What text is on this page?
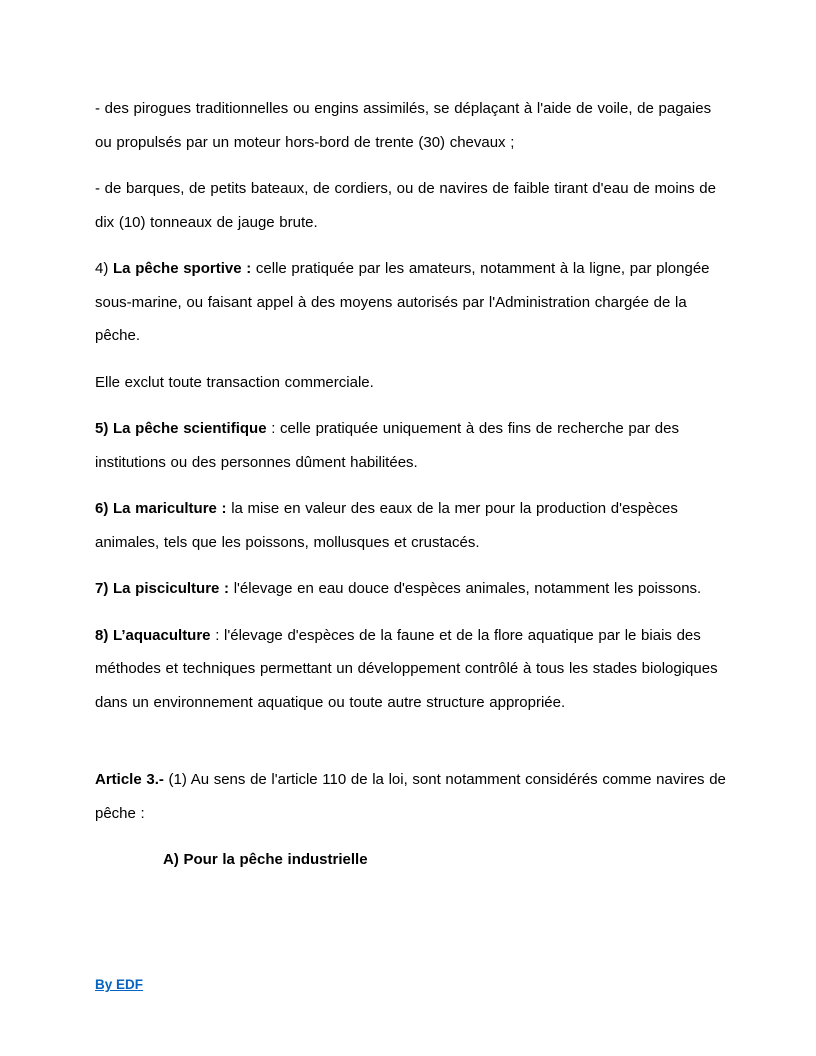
- des pirogues traditionnelles ou engins assimilés, se déplaçant à l'aide de voile, de pagaies ou propulsés par un moteur hors-bord de trente (30) chevaux ;

- de barques, de petits bateaux, de cordiers, ou de navires de faible tirant d'eau de moins de dix (10) tonneaux de jauge brute.

4) La pêche sportive : celle pratiquée par les amateurs, notamment à la ligne, par plongée sous-marine, ou faisant appel à des moyens autorisés par l'Administration chargée de la pêche.

Elle exclut toute transaction commerciale.

5) La pêche scientifique : celle pratiquée uniquement à des fins de recherche par des institutions ou des personnes dûment habilitées.

6) La mariculture : la mise en valeur des eaux de la mer pour la production d'espèces animales, tels que les poissons, mollusques et crustacés.

7) La pisciculture : l'élevage en eau douce d'espèces animales, notamment les poissons.

8) L’aquaculture : l'élevage d'espèces de la faune et de la flore aquatique par le biais des méthodes et techniques permettant un développement contrôlé à tous les stades biologiques dans un environnement aquatique ou toute autre structure appropriée.

Article 3.- (1) Au sens de l'article 110 de la loi, sont notamment considérés comme navires de pêche :

A) Pour la pêche industrielle

By EDF
